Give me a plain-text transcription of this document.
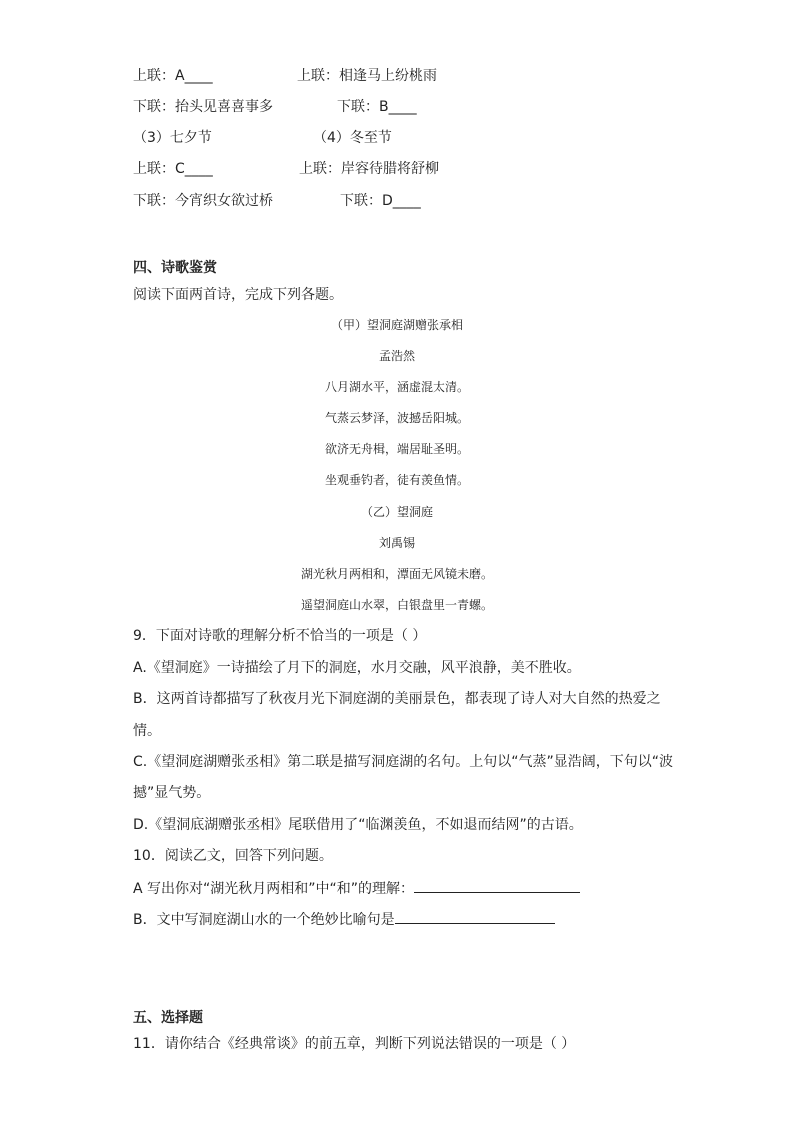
上联：A____	上联：相逢马上纷桃雨
下联：抬头见喜喜事多	下联：B____
（3）七夕节	（4）冬至节
上联：C____	上联：岸容待腊将舒柳
下联：今宵织女欲过桥	下联：D____
四、诗歌鉴赏
阅读下面两首诗，完成下列各题。
（甲）望洞庭湖赠张承相
孟浩然
八月湖水平，涵虚混太清。
气蒸云梦泽，波撼岳阳城。
欲济无舟楫，端居耻圣明。
坐观垂钓者，徒有羡鱼情。
（乙）望洞庭
刘禹锡
湖光秋月两相和，潭面无风镜未磨。
遥望洞庭山水翠，白银盘里一青螺。
9．下面对诗歌的理解分析不恰当的一项是（ ）
A.《望洞庭》一诗描绘了月下的洞庭，水月交融，风平浪静，美不胜收。
B．这两首诗都描写了秋夜月光下洞庭湖的美丽景色，都表现了诗人对大自然的热爱之
情。
C.《望洞庭湖赠张丞相》第二联是描写洞庭湖的名句。上句以“气蒸”显浩阔，下句以“波
撼”显气势。
D.《望洞底湖赠张丞相》尾联借用了“临渊羡鱼，不如退而结网”的古语。
10．阅读乙文，回答下列问题。
A 写出你对“湖光秋月两相和”中“和”的理解：
B．文中写洞庭湖山水的一个绝妙比喻句是
五、选择题
11．请你结合《经典常谈》的前五章，判断下列说法错误的一项是（ ）
